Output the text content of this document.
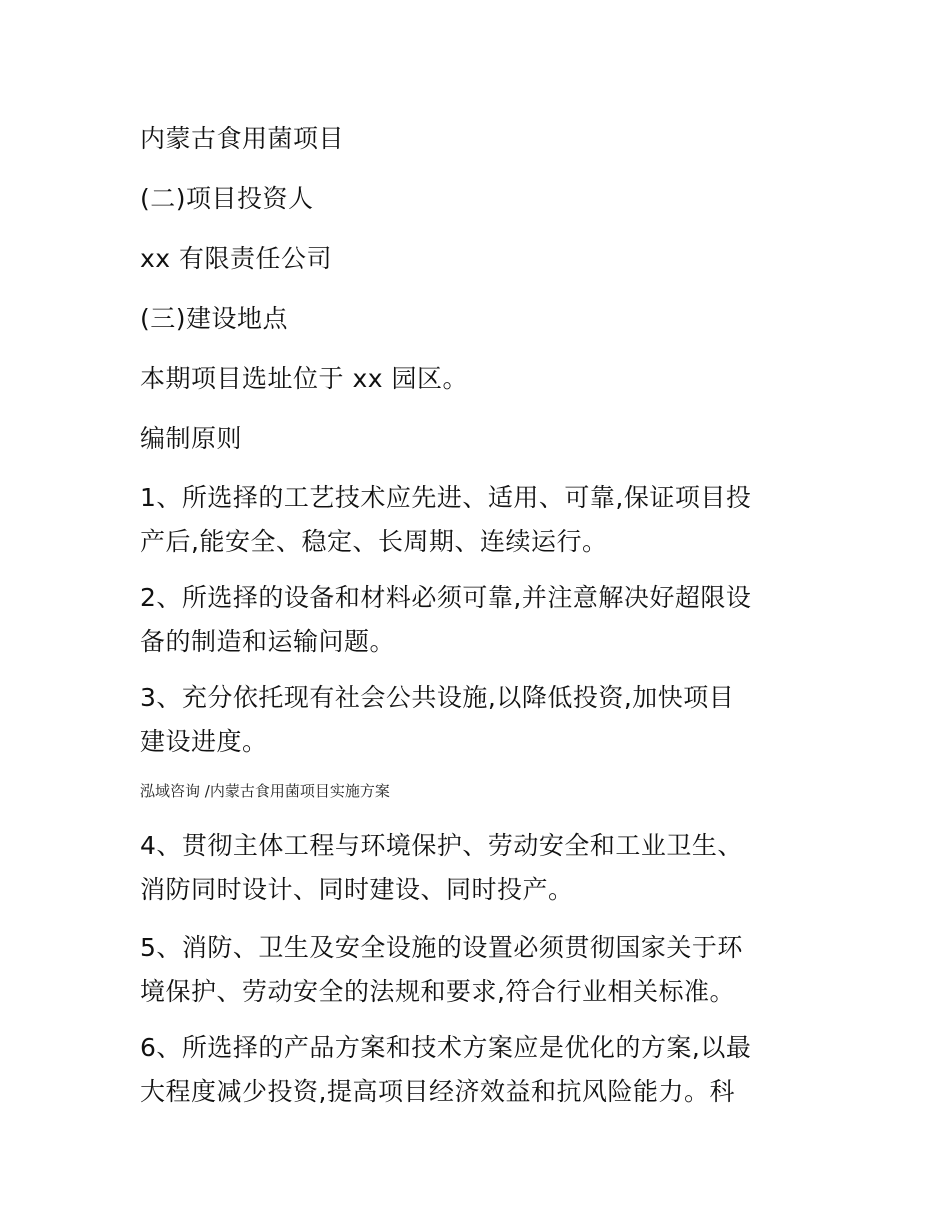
内蒙古食用菌项目

(二)项目投资人

xx 有限责任公司

(三)建设地点

本期项目选址位于 xx 园区。

编制原则

1、所选择的工艺技术应先进、适用、可靠,保证项目投
产后,能安全、稳定、长周期、连续运行。
2、所选择的设备和材料必须可靠,并注意解决好超限设
备的制造和运输问题。
3、充分依托现有社会公共设施,以降低投资,加快项目
建设进度。

泓域咨询 /内蒙古食用菌项目实施方案

4、贯彻主体工程与环境保护、劳动安全和工业卫生、
消防同时设计、同时建设、同时投产。
5、消防、卫生及安全设施的设置必须贯彻国家关于环
境保护、劳动安全的法规和要求,符合行业相关标准。
6、所选择的产品方案和技术方案应是优化的方案,以最
大程度减少投资,提高项目经济效益和抗风险能力。科
